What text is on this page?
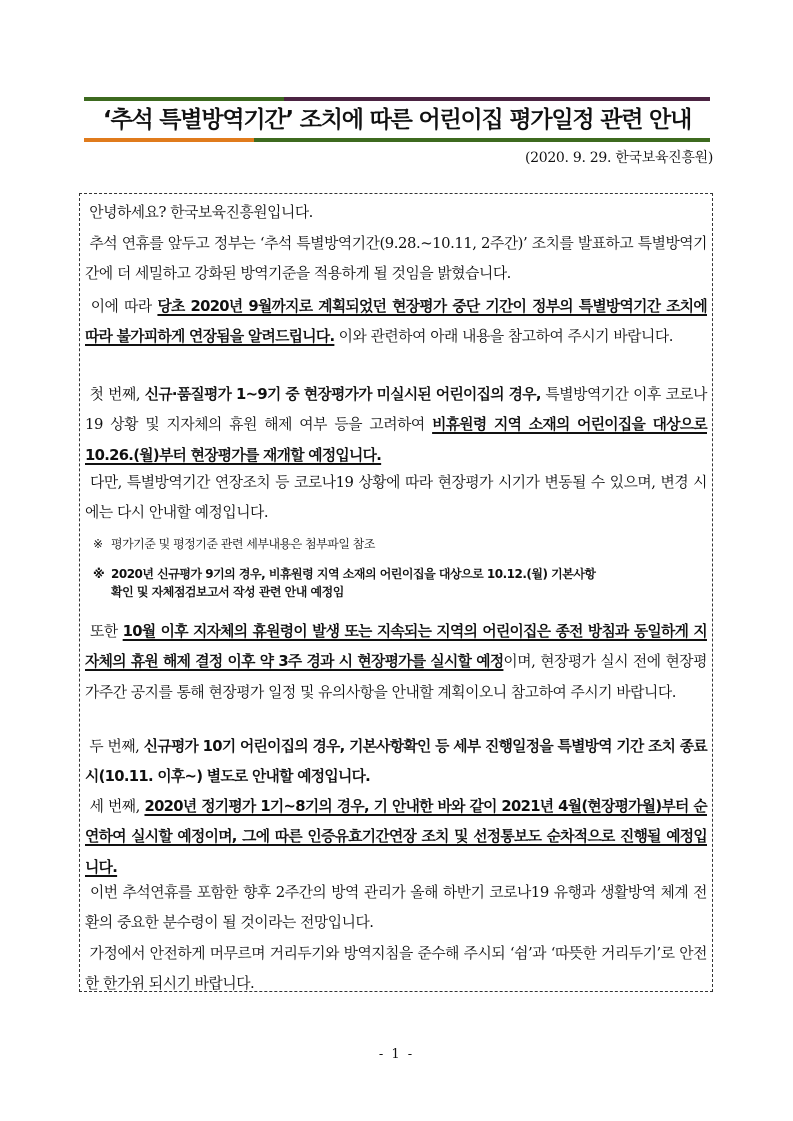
‘추석 특별방역기간’ 조치에 따른 어린이집 평가일정 관련 안내
(2020. 9. 29. 한국보육진흥원)

안녕하세요? 한국보육진흥원입니다.

추석 연휴를 앞두고 정부는 ‘추석 특별방역기간(9.28.~10.11, 2주간)’ 조치를 발표하고 특별방역기간에 더 세밀하고 강화된 방역기준을 적용하게 될 것임을 밝혔습니다.

이에 따라 당초 2020년 9월까지로 계획되었던 현장평가 중단 기간이 정부의 특별방역기간 조치에 따라 불가피하게 연장됨을 알려드립니다. 이와 관련하여 아래 내용을 참고하여 주시기 바랍니다.

첫 번째, 신규·품질평가 1~9기 중 현장평가가 미실시된 어린이집의 경우, 특별방역기간 이후 코로나19 상황 및 지자체의 휴원 해제 여부 등을 고려하여 비휴원령 지역 소재의 어린이집을 대상으로 10.26.(월)부터 현장평가를 재개할 예정입니다.

다만, 특별방역기간 연장조치 등 코로나19 상황에 따라 현장평가 시기가 변동될 수 있으며, 변경 시에는 다시 안내할 예정입니다.

※ 평가기준 및 평정기준 관련 세부내용은 첨부파일 참조

※ 2020년 신규평가 9기의 경우, 비휴원령 지역 소재의 어린이집을 대상으로 10.12.(월) 기본사항
확인 및 자체점검보고서 작성 관련 안내 예정임

또한 10월 이후 지자체의 휴원령이 발생 또는 지속되는 지역의 어린이집은 종전 방침과 동일하게 지자체의 휴원 해제 결정 이후 약 3주 경과 시 현장평가를 실시할 예정이며, 현장평가 실시 전에 현장평가주간 공지를 통해 현장평가 일정 및 유의사항을 안내할 계획이오니 참고하여 주시기 바랍니다.

두 번째, 신규평가 10기 어린이집의 경우, 기본사항확인 등 세부 진행일정을 특별방역 기간 조치 종료 시(10.11. 이후~) 별도로 안내할 예정입니다.

세 번째, 2020년 정기평가 1기~8기의 경우, 기 안내한 바와 같이 2021년 4월(현장평가월)부터 순연하여 실시할 예정이며, 그에 따른 인증유효기간연장 조치 및 선정통보도 순차적으로 진행될 예정입니다.

이번 추석연휴를 포함한 향후 2주간의 방역 관리가 올해 하반기 코로나19 유행과 생활방역 체계 전환의 중요한 분수령이 될 것이라는 전망입니다.

가정에서 안전하게 머무르며 거리두기와 방역지침을 준수해 주시되 ‘쉼’과 ‘따뜻한 거리두기’로 안전한 한가위 되시기 바랍니다.

- 1 -
